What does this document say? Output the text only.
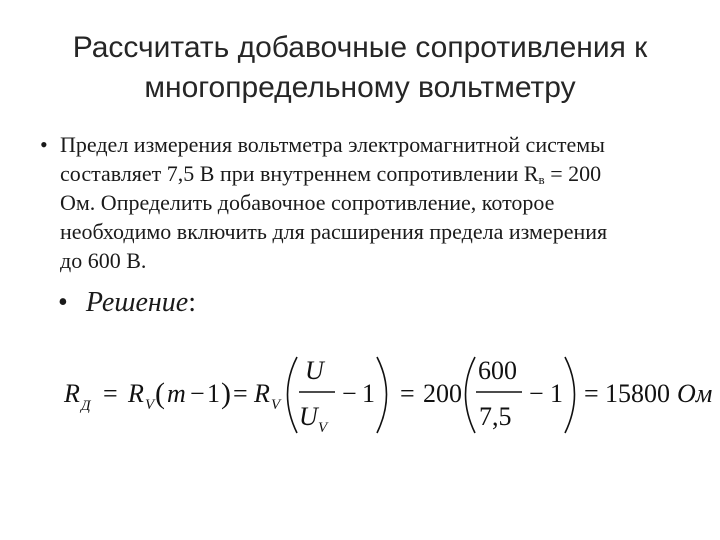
Рассчитать добавочные сопротивления к
многопредельному вольтметру
• Предел измерения вольтметра электромагнитной системы
составляет 7,5 В при внутреннем сопротивлении $R_в = 200$
Ом. Определить добавочное сопротивление, которое
необходимо включить для расширения предела измерения
до 600 В.
• Решение:
R Д = R V ( m − 1 ) = R V
U
U V
− 1 = 200
600
7,5
− 1 = 15800 Ом
